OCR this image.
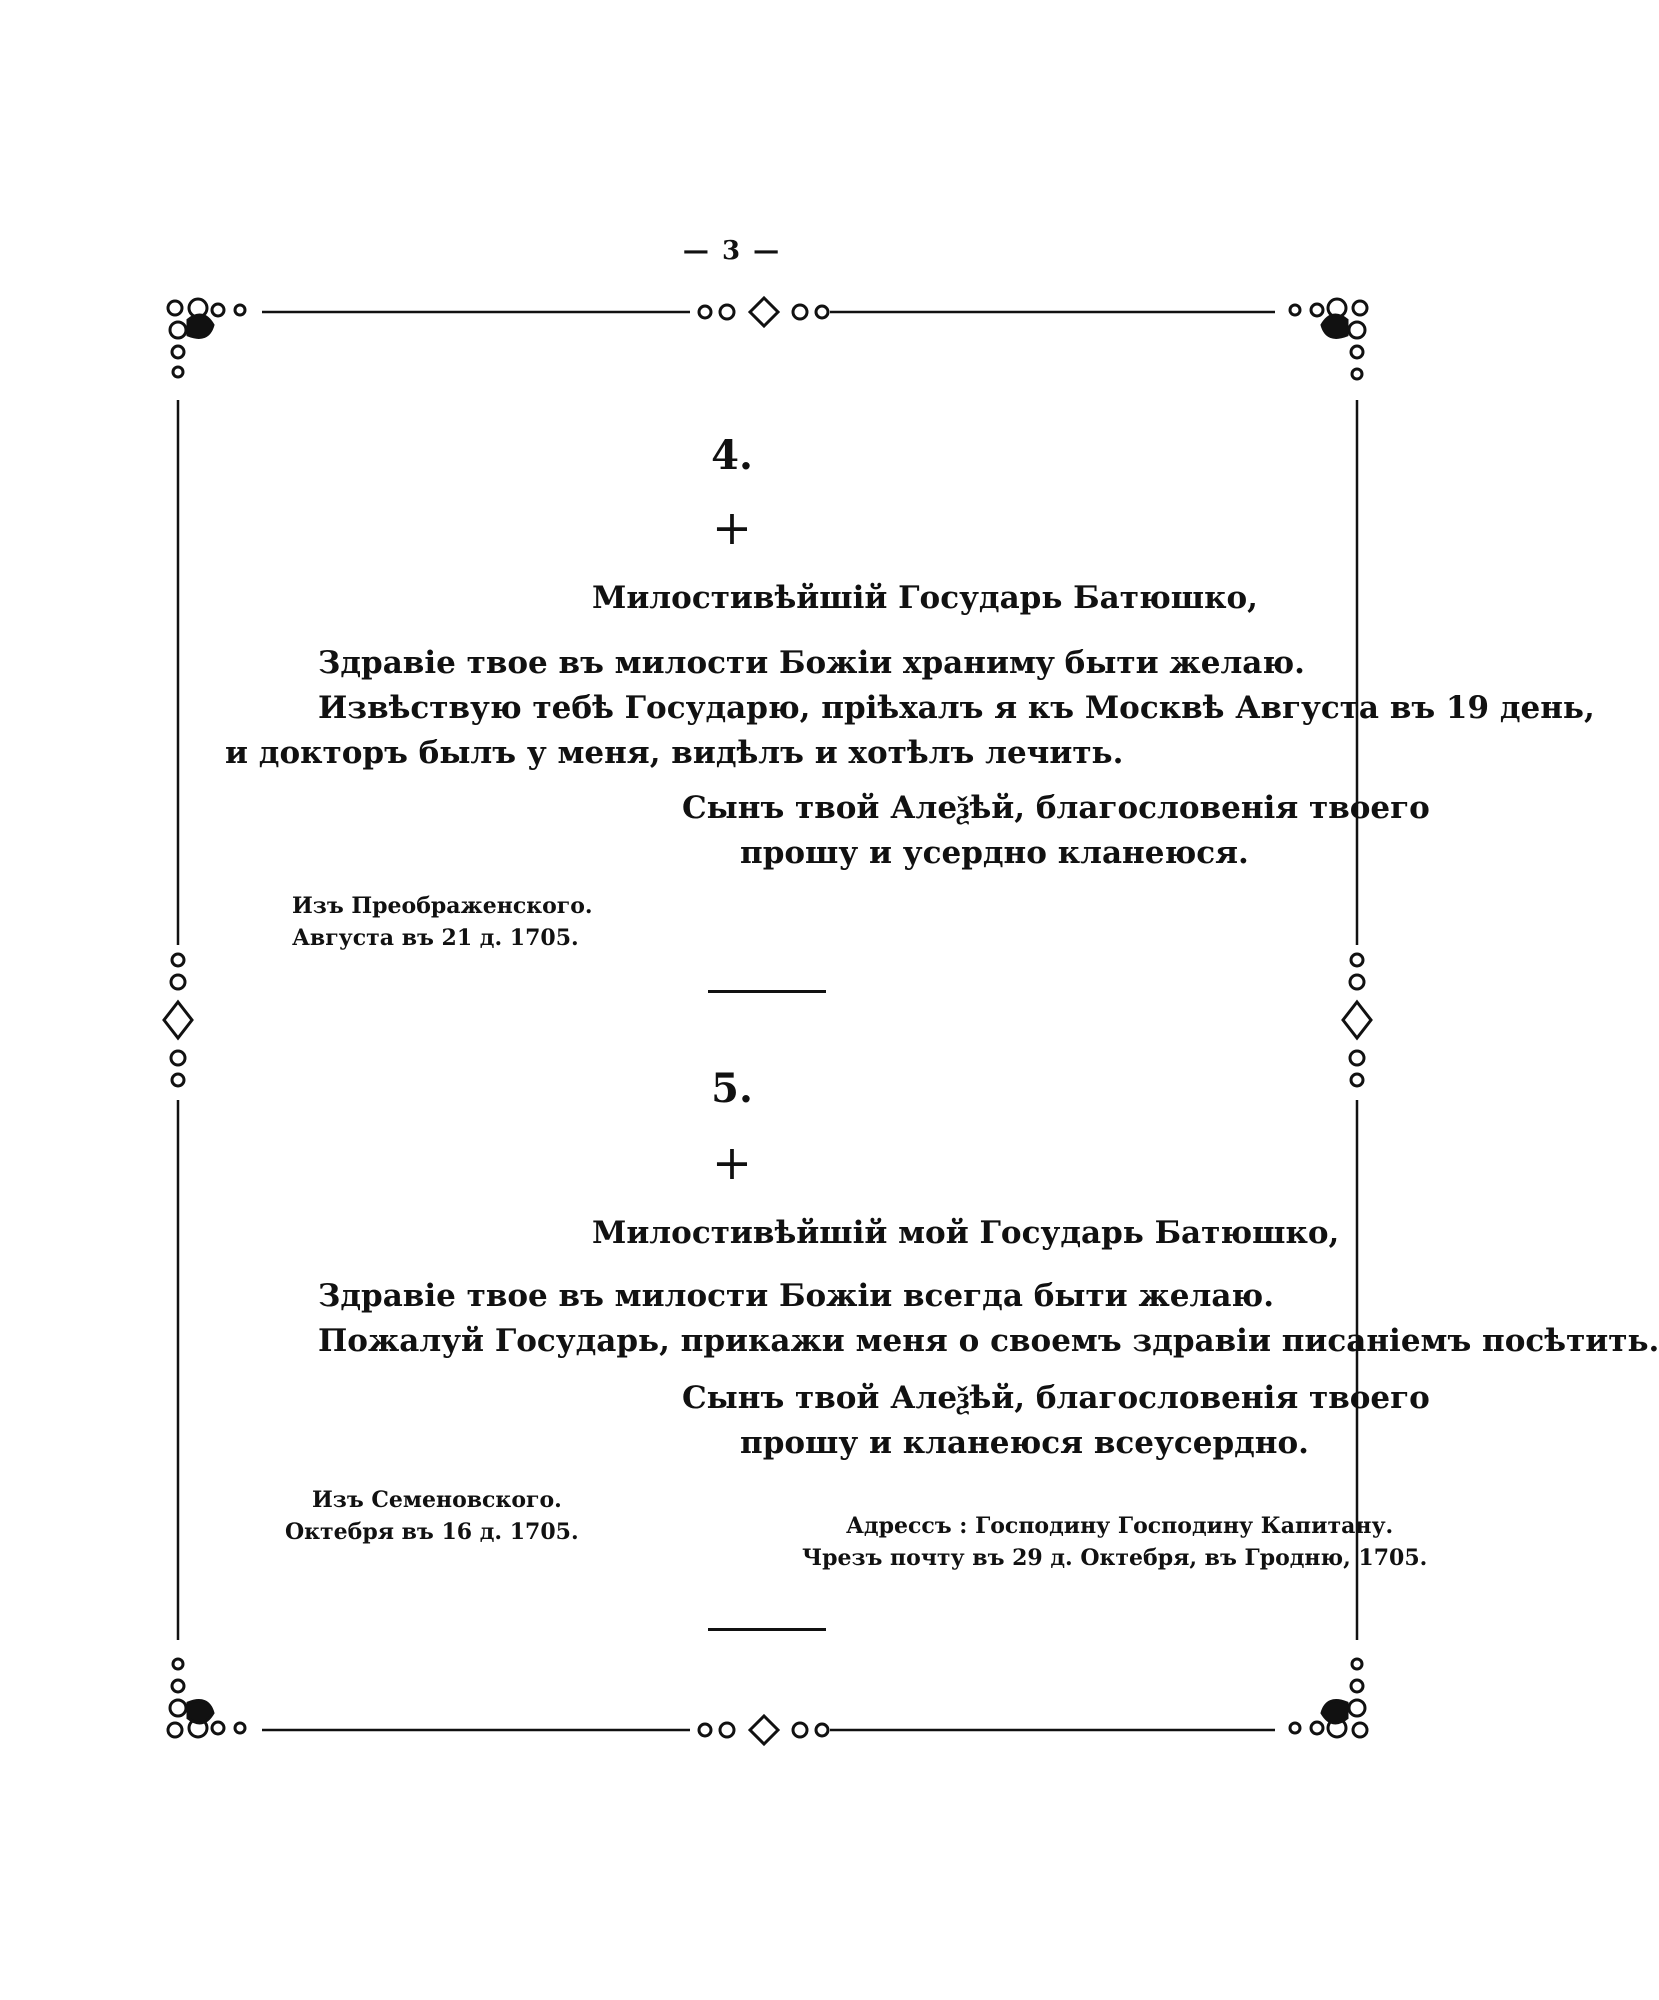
— 3 —
4.
+
Милостивѣйшій Государь Батюшко,
Здравіе твое въ милости Божіи хранимy быти желаю.
Извѣствую тебѣ Государю, пріѣхалъ я къ Москвѣ Августа въ 19 день,
и докторъ былъ у меня, видѣлъ и хотѣлъ лечить.
Сынъ твой Алеѯѣй, благословенія твоего
прошу и усердно кланеюся.
Изъ Преображенского.
Августа въ 21 д. 1705.
5.
+
Милостивѣйшій мой Государь Батюшко,
Здравіе твое въ милости Божіи всегда быти желаю.
Пожалуй Государь, прикажи меня о своемъ здравіи писаніемъ посѣтить.
Сынъ твой Алеѯѣй, благословенія твоего
прошу и кланеюся всеусердно.
Изъ Семеновского.
Октебря въ 16 д. 1705.	Адрессъ : Господину Господину Капитану.
Чрезъ почту въ 29 д. Октебря, въ Гродню, 1705.
